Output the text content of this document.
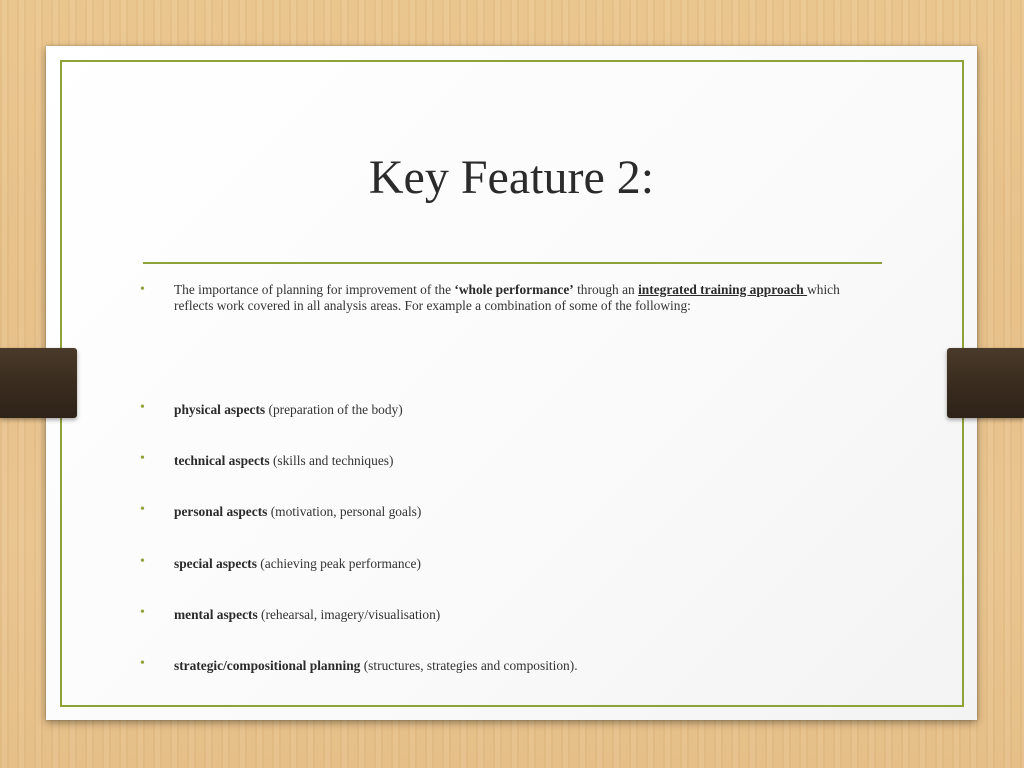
Key Feature 2:
• The importance of planning for improvement of the ‘whole performance’ through an integrated training approach which reflects work covered in all analysis areas. For example a combination of some of the following:
• physical aspects (preparation of the body)
• technical aspects (skills and techniques)
• personal aspects (motivation, personal goals)
• special aspects (achieving peak performance)
• mental aspects (rehearsal, imagery/visualisation)
• strategic/compositional planning (structures, strategies and composition).
